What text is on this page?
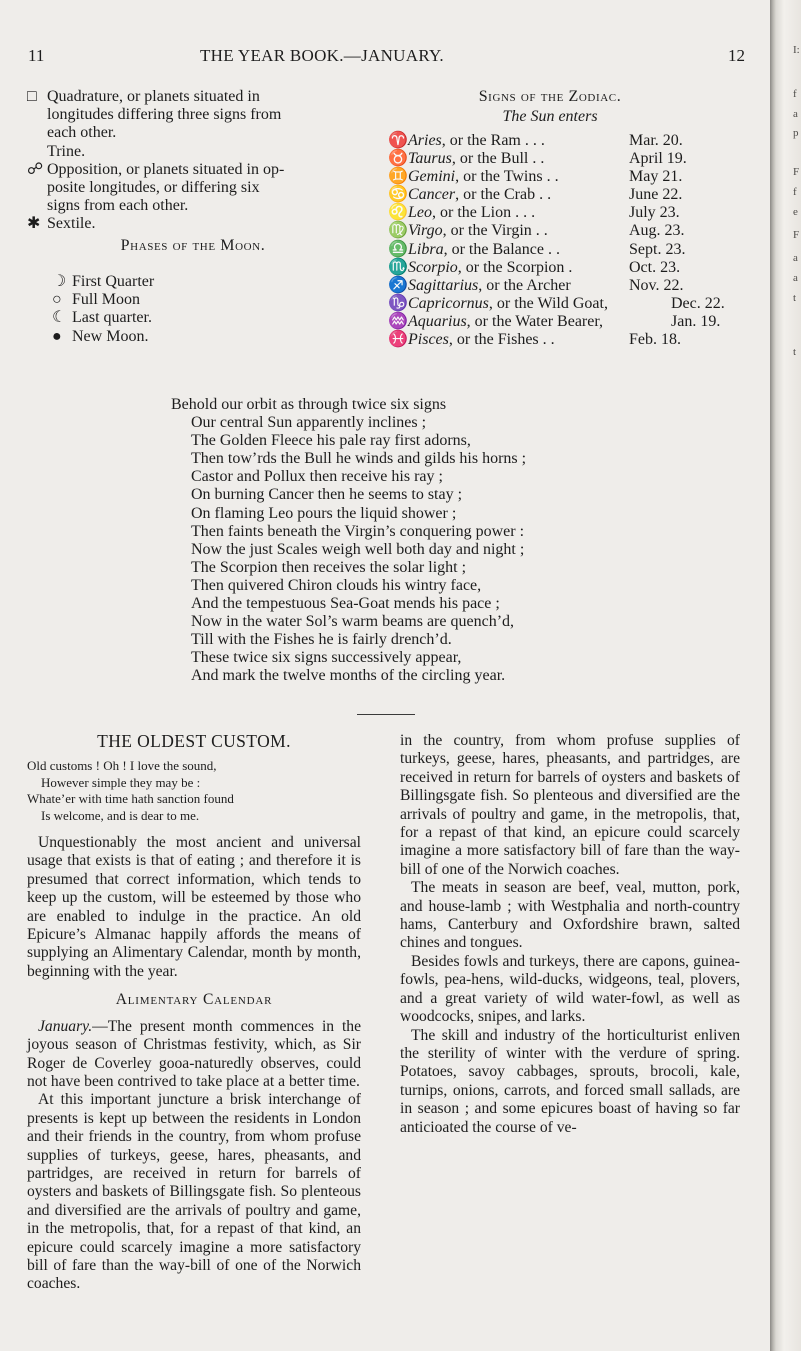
11	THE YEAR BOOK.—JANUARY.	12
□ Quadrature, or planets situated in
longitudes differing three signs from
each other.
Trine.
☍ Opposition, or planets situated in op-
posite longitudes, or differing six
signs from each other.
✱ Sextile.
Phases of the Moon.
☽ First Quarter
○ Full Moon
☾ Last quarter.
● New Moon.
Signs of the Zodiac.
The Sun enters
♈Aries, or the Ram . . .	Mar. 20.
♉Taurus, or the Bull . .	April 19.
♊Gemini, or the Twins . .	May 21.
♋Cancer, or the Crab . .	June 22.
♌Leo, or the Lion . . .	July 23.
♍Virgo, or the Virgin . .	Aug. 23.
♎Libra, or the Balance . .	Sept. 23.
♏Scorpio, or the Scorpion .	Oct. 23.
♐Sagittarius, or the Archer	Nov. 22.
♑Capricornus, or the Wild Goat,	Dec. 22.
♒Aquarius, or the Water Bearer,	Jan. 19.
♓Pisces, or the Fishes . .	Feb. 18.
Behold our orbit as through twice six signs
Our central Sun apparently inclines ;
The Golden Fleece his pale ray first adorns,
Then tow’rds the Bull he winds and gilds his horns ;
Castor and Pollux then receive his ray ;
On burning Cancer then he seems to stay ;
On flaming Leo pours the liquid shower ;
Then faints beneath the Virgin’s conquering power :
Now the just Scales weigh well both day and night ;
The Scorpion then receives the solar light ;
Then quivered Chiron clouds his wintry face,
And the tempestuous Sea-Goat mends his pace ;
Now in the water Sol’s warm beams are quench’d,
Till with the Fishes he is fairly drench’d.
These twice six signs successively appear,
And mark the twelve months of the circling year.
THE OLDEST CUSTOM.
Old customs ! Oh ! I love the sound,
However simple they may be :
Whate’er with time hath sanction found
Is welcome, and is dear to me.

Unquestionably the most ancient and universal usage that exists is that of eating ; and therefore it is presumed that correct information, which tends to keep up the custom, will be esteemed by those who are enabled to indulge in the practice. An old Epicure’s Almanac happily affords the means of supplying an Alimentary Calendar, month by month, beginning with the year.

Alimentary Calendar

January.—The present month commences in the joyous season of Christmas festivity, which, as Sir Roger de Coverley gooa-naturedly observes, could not have been contrived to take place at a better time.

At this important juncture a brisk interchange of presents is kept up between the residents in London and their friends in the country, from whom profuse supplies of turkeys, geese, hares, pheasants, and partridges, are received in return for barrels of oysters and baskets of Billingsgate fish. So plenteous and diversified are the arrivals of poultry and game, in the metropolis, that, for a repast of that kind, an epicure could scarcely imagine a more satisfactory bill of fare than the way-bill of one of the Norwich coaches.

in the country, from whom profuse supplies of turkeys, geese, hares, pheasants, and partridges, are received in return for barrels of oysters and baskets of Billingsgate fish. So plenteous and diversified are the arrivals of poultry and game, in the metropolis, that, for a repast of that kind, an epicure could scarcely imagine a more satisfactory bill of fare than the way-bill of one of the Norwich coaches.

The meats in season are beef, veal, mutton, pork, and house-lamb ; with Westphalia and north-country hams, Canterbury and Oxfordshire brawn, salted chines and tongues.

Besides fowls and turkeys, there are capons, guinea-fowls, pea-hens, wild-ducks, widgeons, teal, plovers, and a great variety of wild water-fowl, as well as woodcocks, snipes, and larks.

The skill and industry of the horticulturist enliven the sterility of winter with the verdure of spring. Potatoes, savoy cabbages, sprouts, brocoli, kale, turnips, onions, carrots, and forced small sallads, are in season ; and some epicures boast of having so far anticioated the course of ve-

I:
f
a
p
F
f
e
F
a
a
t
t
